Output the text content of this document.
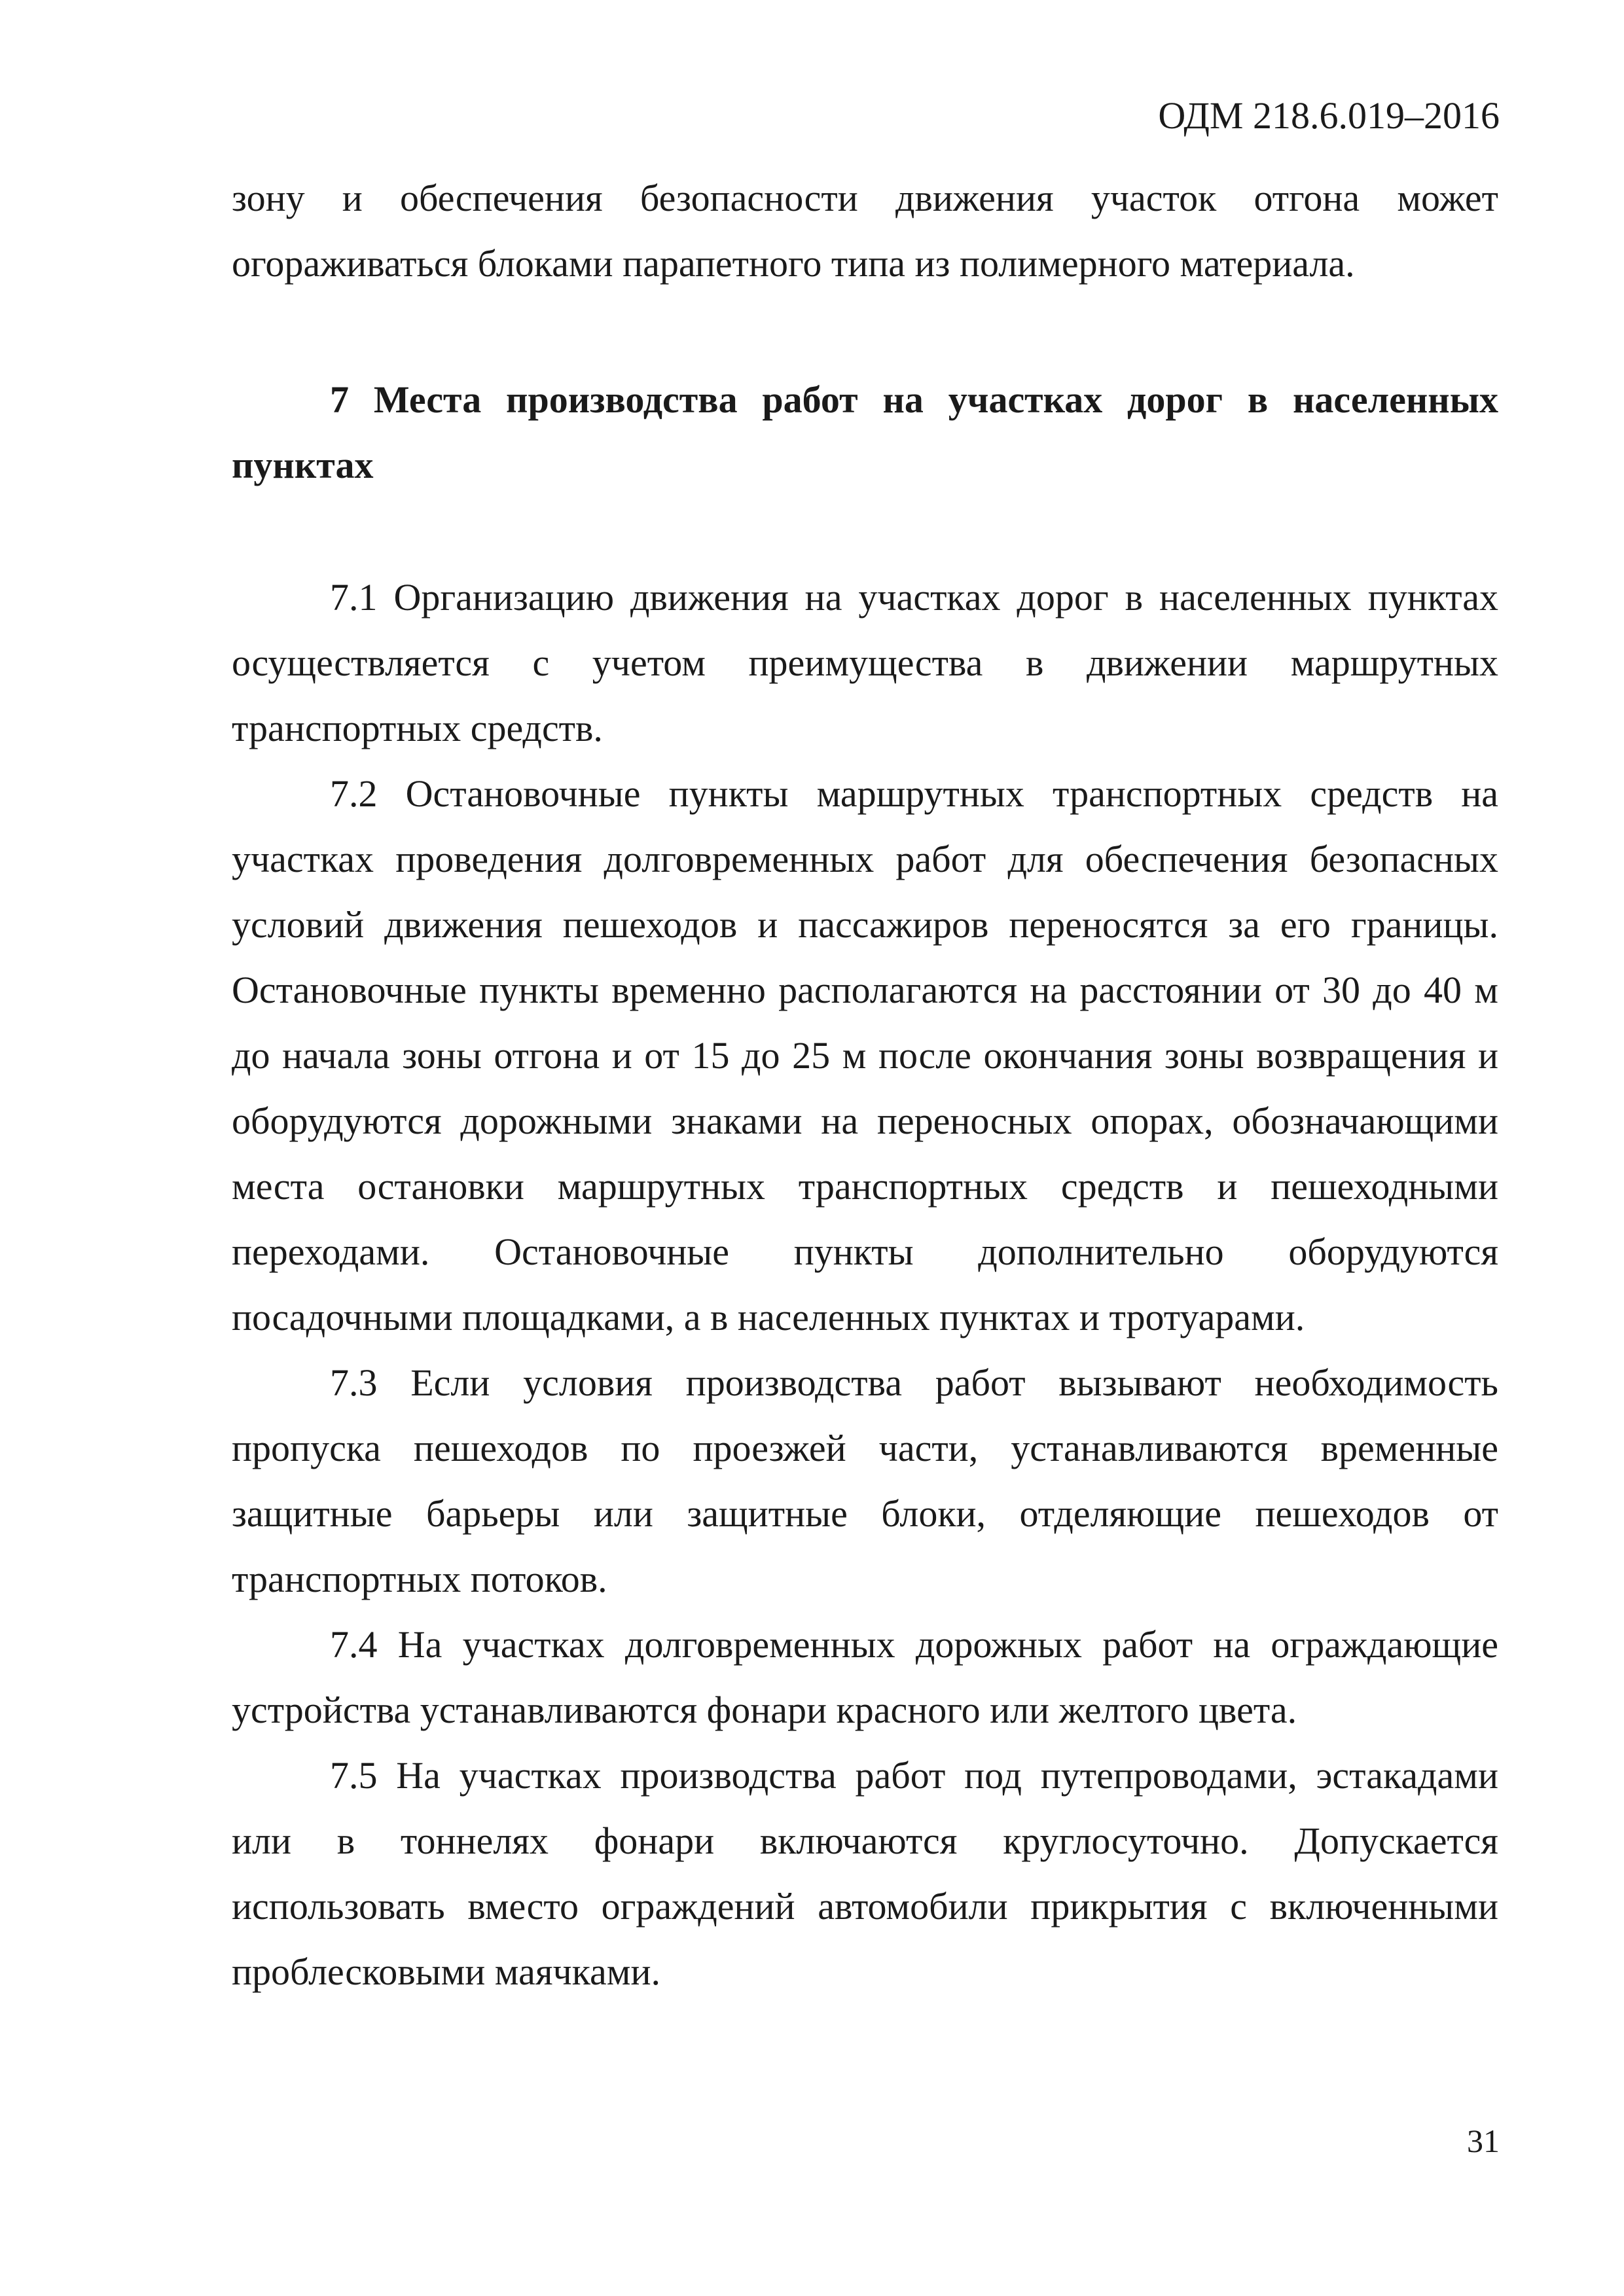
ОДМ 218.6.019–2016

зону и обеспечения безопасности движения участок отгона может огораживаться блоками парапетного типа из полимерного материала.

7 Места производства работ на участках дорог в населенных пунктах

7.1 Организацию движения на участках дорог в населенных пунктах осуществляется с учетом преимущества в движении маршрутных транспортных средств.

7.2 Остановочные пункты маршрутных транспортных средств на участках проведения долговременных работ для обеспечения безопасных условий движения пешеходов и пассажиров переносятся за его границы. Остановочные пункты временно располагаются на расстоянии от 30 до 40 м до начала зоны отгона и от 15 до 25 м после окончания зоны возвращения и оборудуются дорожными знаками на переносных опорах, обозначающими места остановки маршрутных транспортных средств и пешеходными переходами. Остановочные пункты дополнительно оборудуются посадочными площадками, а в населенных пунктах и тротуарами.

7.3 Если условия производства работ вызывают необходимость пропуска пешеходов по проезжей части, устанавливаются временные защитные барьеры или защитные блоки, отделяющие пешеходов от транспортных потоков.

7.4 На участках долговременных дорожных работ на ограждающие устройства устанавливаются фонари красного или желтого цвета.

7.5 На участках производства работ под путепроводами, эстакадами или в тоннелях фонари включаются круглосуточно. Допускается использовать вместо ограждений автомобили прикрытия с включенными проблесковыми маячками.

31
